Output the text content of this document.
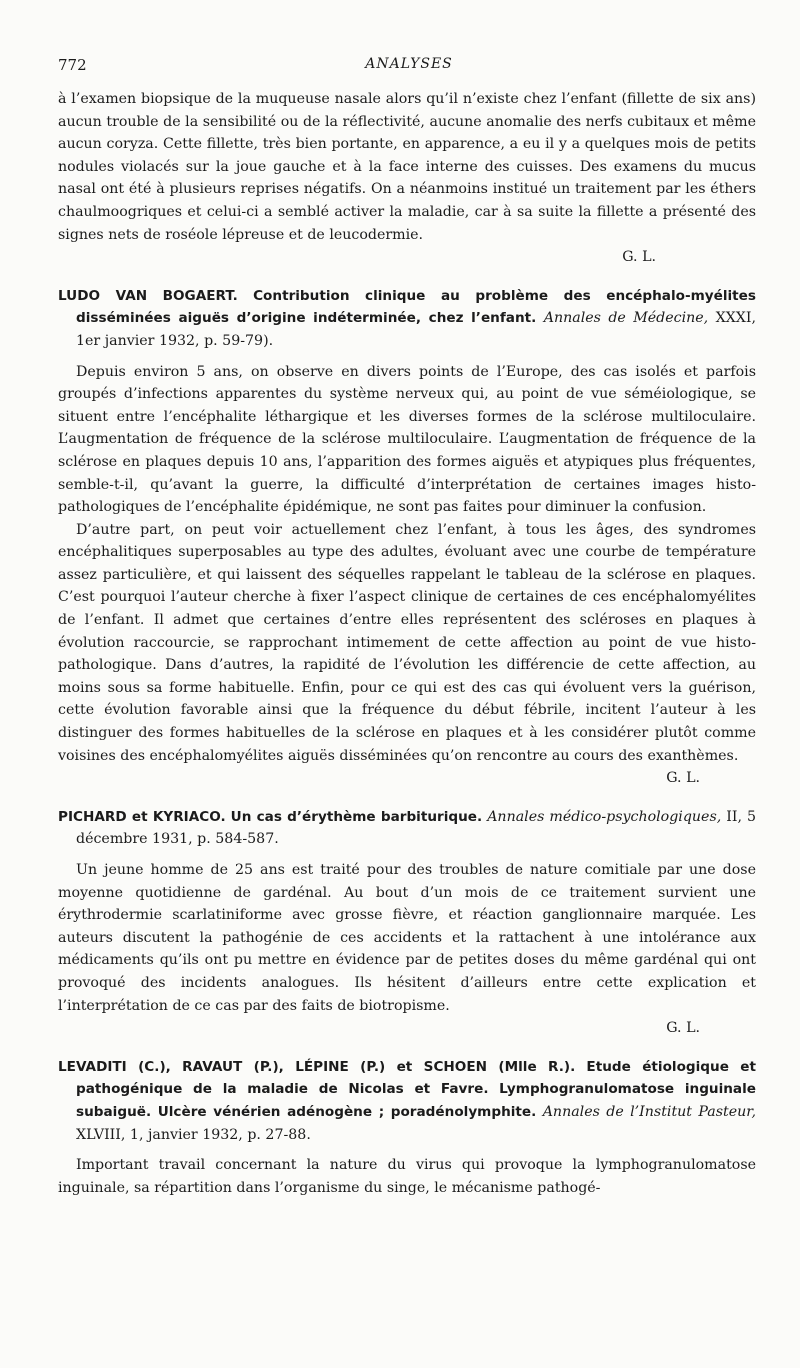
772	ANALYSES

à l’examen biopsique de la muqueuse nasale alors qu’il n’existe chez l’enfant (fillette de six ans) aucun trouble de la sensibilité ou de la réflectivité, aucune anomalie des nerfs cubitaux et même aucun coryza. Cette fillette, très bien portante, en apparence, a eu il y a quelques mois de petits nodules violacés sur la joue gauche et à la face interne des cuisses. Des examens du mucus nasal ont été à plusieurs reprises négatifs. On a néanmoins institué un traitement par les éthers chaulmoogriques et celui-ci a semblé activer la maladie, car à sa suite la fillette a présenté des signes nets de roséole lépreuse et de leucodermie.

G. L.

LUDO VAN BOGAERT. Contribution clinique au problème des encéphalo-myélites disséminées aiguës d’origine indéterminée, chez l’enfant. Annales de Médecine, XXXI, 1er janvier 1932, p. 59-79).

Depuis environ 5 ans, on observe en divers points de l’Europe, des cas isolés et parfois groupés d’infections apparentes du système nerveux qui, au point de vue séméiologique, se situent entre l’encéphalite léthargique et les diverses formes de la sclérose multiloculaire. L’augmentation de fréquence de la sclérose multiloculaire. L’augmentation de fréquence de la sclérose en plaques depuis 10 ans, l’apparition des formes aiguës et atypiques plus fréquentes, semble-t-il, qu’avant la guerre, la difficulté d’interprétation de certaines images histo-pathologiques de l’encéphalite épidémique, ne sont pas faites pour diminuer la confusion.

D’autre part, on peut voir actuellement chez l’enfant, à tous les âges, des syndromes encéphalitiques superposables au type des adultes, évoluant avec une courbe de température assez particulière, et qui laissent des séquelles rappelant le tableau de la sclérose en plaques. C’est pourquoi l’auteur cherche à fixer l’aspect clinique de certaines de ces encéphalomyélites de l’enfant. Il admet que certaines d’entre elles représentent des scléroses en plaques à évolution raccourcie, se rapprochant intimement de cette affection au point de vue histo-pathologique. Dans d’autres, la rapidité de l’évolution les différencie de cette affection, au moins sous sa forme habituelle. Enfin, pour ce qui est des cas qui évoluent vers la guérison, cette évolution favorable ainsi que la fréquence du début fébrile, incitent l’auteur à les distinguer des formes habituelles de la sclérose en plaques et à les considérer plutôt comme voisines des encéphalomyélites aiguës disséminées qu’on rencontre au cours des exanthèmes.

G. L.

PICHARD et KYRIACO. Un cas d’érythème barbiturique. Annales médico-psychologiques, II, 5 décembre 1931, p. 584-587.

Un jeune homme de 25 ans est traité pour des troubles de nature comitiale par une dose moyenne quotidienne de gardénal. Au bout d’un mois de ce traitement survient une érythrodermie scarlatiniforme avec grosse fièvre, et réaction ganglionnaire marquée. Les auteurs discutent la pathogénie de ces accidents et la rattachent à une intolérance aux médicaments qu’ils ont pu mettre en évidence par de petites doses du même gardénal qui ont provoqué des incidents analogues. Ils hésitent d’ailleurs entre cette explication et l’interprétation de ce cas par des faits de biotropisme.

G. L.

LEVADITI (C.), RAVAUT (P.), LÉPINE (P.) et SCHOEN (Mlle R.). Etude étiologique et pathogénique de la maladie de Nicolas et Favre. Lymphogranulomatose inguinale subaiguë. Ulcère vénérien adénogène ; poradénolymphite. Annales de l’Institut Pasteur, XLVIII, 1, janvier 1932, p. 27-88.

Important travail concernant la nature du virus qui provoque la lymphogranulomatose inguinale, sa répartition dans l’organisme du singe, le mécanisme pathogé-
